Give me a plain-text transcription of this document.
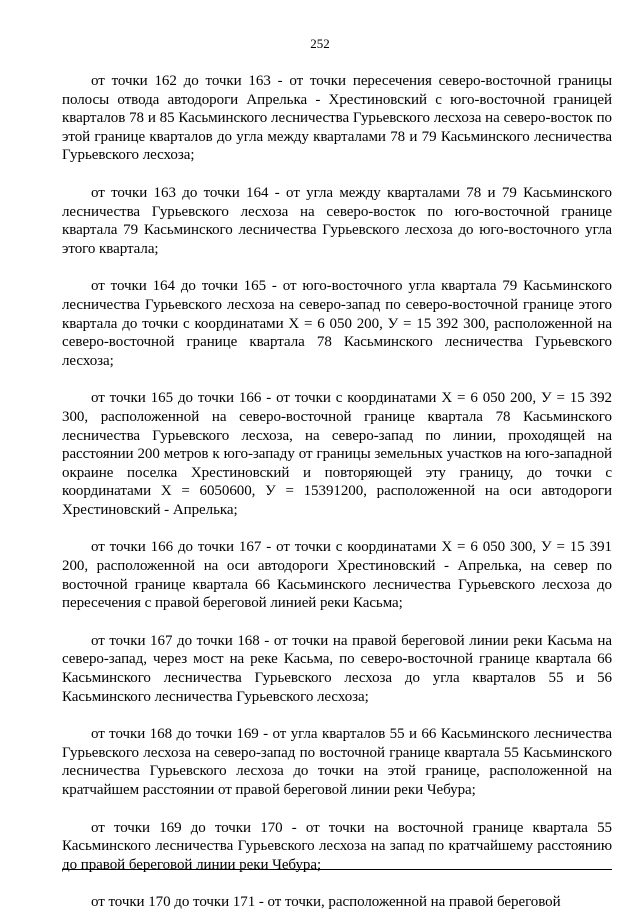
252

от точки 162 до точки 163 - от точки пересечения северо-восточной границы полосы отвода автодороги Апрелька - Хрестиновский с юго-восточной границей кварталов 78 и 85 Касьминского лесничества Гурьевского лесхоза на северо-восток по этой границе кварталов до угла между кварталами 78 и 79 Касьминского лесничества Гурьевского лесхоза;

от точки 163 до точки 164 - от угла между кварталами 78 и 79 Касьминского лесничества Гурьевского лесхоза на северо-восток по юго-восточной границе квартала 79 Касьминского лесничества Гурьевского лесхоза до юго-восточного угла этого квартала;

от точки 164 до точки 165 - от юго-восточного угла квартала 79 Касьминского лесничества Гурьевского лесхоза на северо-запад по северо-восточной границе этого квартала до точки с координатами Х = 6 050 200, У = 15 392 300, расположенной на северо-восточной границе квартала 78 Касьминского лесничества Гурьевского лесхоза;

от точки 165 до точки 166 - от точки с координатами Х = 6 050 200, У = 15 392 300, расположенной на северо-восточной границе квартала 78 Касьминского лесничества Гурьевского лесхоза, на северо-запад по линии, проходящей на расстоянии 200 метров к юго-западу от границы земельных участков на юго-западной окраине поселка Хрестиновский и повторяющей эту границу, до точки с координатами Х = 6050600, У = 15391200, расположенной на оси автодороги Хрестиновский - Апрелька;

от точки 166 до точки 167 - от точки с координатами Х = 6 050 300, У = 15 391 200, расположенной на оси автодороги Хрестиновский - Апрелька, на север по восточной границе квартала 66 Касьминского лесничества Гурьевского лесхоза до пересечения с правой береговой линией реки Касьма;

от точки 167 до точки 168 - от точки на правой береговой линии реки Касьма на северо-запад, через мост на реке Касьма, по северо-восточной границе квартала 66 Касьминского лесничества Гурьевского лесхоза до угла кварталов 55 и 56 Касьминского лесничества Гурьевского лесхоза;

от точки 168 до точки 169 - от угла кварталов 55 и 66 Касьминского лесничества Гурьевского лесхоза на северо-запад по восточной границе квартала 55 Касьминского лесничества Гурьевского лесхоза до точки на этой границе, расположенной на кратчайшем расстоянии от правой береговой линии реки Чебура;

от точки 169 до точки 170 - от точки на восточной границе квартала 55 Касьминского лесничества Гурьевского лесхоза на запад по кратчайшему расстоянию до правой береговой линии реки Чебура;

от точки 170 до точки 171 - от точки, расположенной на правой береговой
